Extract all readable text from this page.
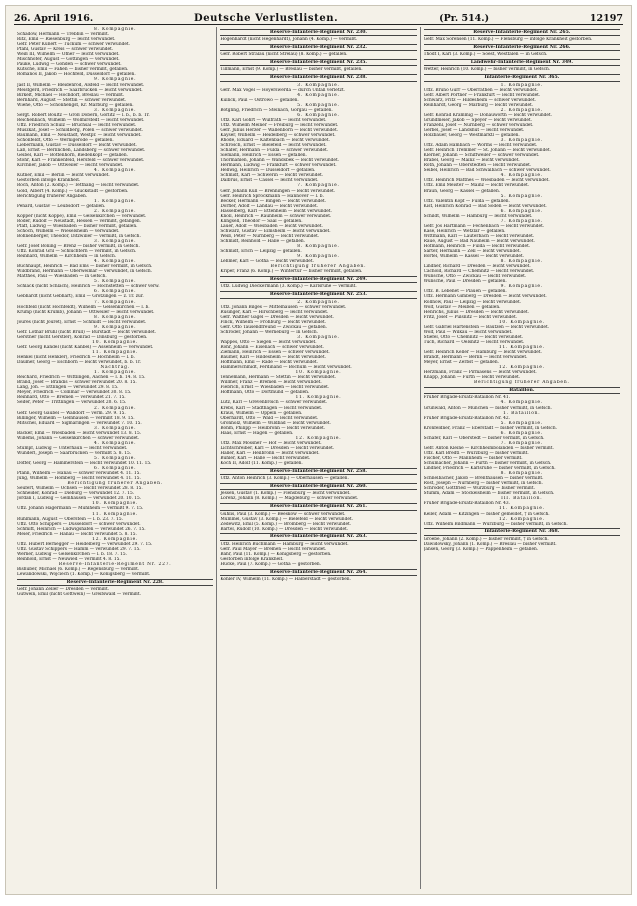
26. April 1916.	Deutsche Verlustlisten.	(Pr. 514.)	12197
8. Kompagnie.
Schadow, Hermann — Trebbin — vermißt.
Ritz, Emil — Riesenburg — leicht verwundet.
Gefr. Peter Kunert — Tuckum — schwer verwundet.
Pfahl, Gustav — Kreis — schwer verwundet.
Weiß III, Wilhelm — Ofner — leicht verwundet.
Mischhöfer, August — Göttingen — verwundet.
Pauke, Ludwig — Gohden — schwer verwundet.
Kutsche, Emil — Fähen — bisher vermißt, gefallen.
Romanos II, Jakob — Hochfeld, Düsseldorf — gefallen.
9. Kompagnie.
Jast II, Wilhelm — Bleidenrod, Alsfeld — leicht verwundet.
Meistgerd, Friedrich — Saarbrücken — leicht verwundet.
Birkelt, Michael — Hochdorf, Breslau — vermißt.
Bernhard, August — Stettin — schwer verwundet.
Wiehe, Otto — Schönhengst, Kr. Marburg — gefallen.
3. Kompagnie.
Sergt. Robert Boultz — Groß Döbern, Görlitz — l. b., b. b. Tr.
Reichenbach, Wilhelm — Wolmirstedt — leicht verwundet.
Uffz. Friedrich Schulz — Bruchsal — leicht verwundet.
Muszkat, Josef — Schildberg, Polen — schwer verwundet.
Baumann, Emil — Neustadt, Westpr. — leicht verwundet.
Schönfeldt, Otto — Wernigerode — gefallen.
Liebermann, Gustav — Düsseldorf — leicht verwundet.
Laß, Ernst — Berlinchen, Landsberg — schwer verwundet.
Geibel, Karl — Bottenhorn, Biedenkopf — gefallen.
Stöhr, Karl — Frankenfeld, Hersfeld — schwer verwundet.
Kirchner, Jakob — Ottweiler — leicht verwundet.
4. Kompagnie.
Kütner, Emil — Berlin — leicht verwundet.
Gestorben infolge Krankheit.
Roch, Anton (2. Komp.) — Tettnang — leicht verwundet.
Gold, Albert (4. Komp.) — Glückstadt — gestorben.
Berichtigung früherer Angaben.
1. Kompagnie.
Penard, Gustav — Leubsdorf — gefallen.
2. Kompagnie.
Köpper (nicht Köppe), Emil — Gelsenkirchen — verwundet.
Roder, Rudolf — Neustadt, Hessen — vermißt, gefangen.
Pfaff, Ludwig — Wiesbaden — bisher vermißt, gefallen.
Schoch, Wilhelm — Wieselsheim — verwundet.
Böhnenberger, Theodor, Ditzwiller — vermißt, in Gefsch.
3. Kompagnie.
Gefr. Josef Böning — Brenz — bisher vermißt, in Gefsch.
Uffz. Konrad Gril — Schlüchtern — vermißt, in Gefsch.
Reinhard, Wilhelm — Kirchheim — in Gefsch.
4. Kompagnie.
Buchhaupt, Heinrich — Bad Ems — bisher vermißt, in Gefsch.
Wildbrand, Hermann — Oberweimar — verwundet, in Gefsch.
Matthes, Paul — Wiesbaden — in Gefsch.
5. Kompagnie.
Schlack (nicht Schlach), Heinrich — Hochstetten — schwer verw.
6. Kompagnie.
Gebhardt (nicht Gebhart), Emil — Grötzingen — z. Tr. zur.
7. Kompagnie.
Hochfeld (nicht Hochfeldt), Wilhelm — Gelsenkirchen — l. b.
Krump (nicht Krumb), Johann — Ottweiler — leicht verwundet.
8. Kompagnie.
Joures (nicht Jouret), Ernst — Schmidt — leicht verwundet.
9. Kompagnie.
Gefr. Lothar Brühl (nicht Brüll) — Bürstadt — leicht verwundet.
Gerstner (nicht Gerstler), Konrad — Dinsburg — gestorben.
10. Kompagnie.
Gefr. Georg Kandel (nicht Kanbel) — Assenheim — verwundet.
11. Kompagnie.
Henkel (nicht Henkler), Friedrich — Hochheim — l. b.
Daumer, Georg — Eschborn — leicht verwundet, b. b. Tr.
Nachtrag.
1. Kompagnie.
Reichard, Friedrich — Wittlingen, Aachen — l. b. 14. 8. 15.
Brand, Josef — Brandis — schwer verwundet 20. 8. 15.
Lang, Joh. — Ettlingen — verwundet 29. 8. 15.
Meyer, Friedrich — Cölnmar — verwundet 30. 8. 15.
Reinhard, Otto — Bremen — verwundet 21. 7. 15.
Seifer, Peter — Trittlingen — verwundet 20. 6. 15.
2. Kompagnie.
Gefr. Georg Gaubel — Walldorf — verm. 29. 9. 15.
Billinger, Wilhelm — Gelnhausen — vermißt 18. 9. 15.
Mitschel, Eduard — Sigmaringen — verwundet 7. 10. 15.
3. Kompagnie.
Bäcker, Emil — Wiesbaden — leicht verwundet 13. 8. 15.
Willems, Johann — Gelsenkirchen — schwer verwundet.
4. Kompagnie.
Stumpf, Ludwig — Unterhaun — leicht verwundet.
Wunderl, Joseph — Saarbrücken — vermißt 5. 8. 15.
5. Kompagnie.
Döffer, Georg — Hammerstein — leicht verwundet 10. 11. 15.
6. Kompagnie.
Pfann, Wilhelm — Hanau — schwer verwundet 4. 11. 15.
Jung, Wilhelm — Homberg — leicht verwundet 4. 11. 15.
Berichtigung früherer Angaben.
Seufert, Wilhelm — Ochsen — leicht verwundet 28. 8. 15.
Schneider, Konrad — Dieburg — verwundet 12. 7. 15.
Jordan I, Ludwig — Gelnhausen — verwundet 20. 10. 15.
10. Kompagnie.
Uffz. Johann Hagermann — Mühlheim — vermißt 9. 7. 15.
11. Kompagnie.
Ruhlmann, August — Oberstein — l. b. 23. 7. 15.
Uffz. Otto Schippers — Düsseldorf — schwer verwundet.
Schmitt, Heinrich — Ludwigshafen — verwundet 26. 7. 15.
Meier, Friedrich — Hanau — leicht verwundet 5. 8. 15.
12. Kompagnie.
Uffz. Hubert Bernegger — Heidelberg — verwundet 29. 7. 15.
Uffz. Gustav Schippers — Hamm — verwundet 29. 7. 15.
Werner, Ludwig — Gelsenkirchen — l. b. 18. 7. 15.
Reinhold, Ernst — Neuwied — vermißt 4. 8. 15.
Reserve-Infanterie-Regiment Nr. 227.
Bishuber, Michael (6. Komp.) — Regensburg — vermißt.
Lewandowski, Wojciech (1. Komp.) — Königsberg — vermißt.
Reserve-Infanterie-Regiment Nr. 228.
Gefr. Johann Zeller — Dresden — vermißt.
Gutwein, Emil (nicht Gottwein) — Greifswald — vermißt.
Reserve-Infanterie-Regiment Nr. 230.
Hogenhardt (nicht Hegenhardt), Johann (4. Komp.) — vermißt.
Reserve-Infanterie-Regiment Nr. 232.
Gefr. Robert Stralau (nicht Strelau) (8. Komp.) — gefallen.
Reserve-Infanterie-Regiment Nr. 235.
Tillmann, Ernst (9. Komp.) — Breslau — bisher vermißt, gefallen.
Reserve-Infanterie-Regiment Nr. 238.
3. Kompagnie.
Gefr. Max Vogel — Hoyerswerda — durch Unfall verletzt.
4. Kompagnie.
Kullick, Paul — Ostrowo — gefallen.
5. Kompagnie.
Bötgling, Friedrich — Steinach, Gorgau — gefallen.
6. Kompagnie.
Uffz. Karl Gohrt — Wülfrath — leicht verwundet.
Uffz. Wilhelm Meiner — Freiburg — leicht verwundet.
Gefr. Julius Herzer — Wallenborn — leicht verwundet.
Kayser, Wilhelm — Heidelberg — schwer verwundet.
Rhode, Eduard — Kaltenbach — leicht verwundet.
Schrösch, Ernst — Bielefeld — leicht verwundet.
Schäfer, Hermann — Fulda — schwer verwundet.
Siemann, Heinrich — Essen — gefallen.
Thormählen, Johann — Wandsbek — leicht verwundet.
Hermann, Ludwig — Frankfurt — schwer verwundet.
Hellwig, Heinrich — Düsseldorf — gefallen.
Schmidt, Karl — Schwerin — leicht verwundet.
Dalbrus, Ernst — Cassel — leicht verwundet.
7. Kompagnie.
Gefr. Johann Kull — Brenningen — leicht verwundet.
Gefr. Heinrich Sprockmann — Hannover — l. b.
Becker, Hermann — Bingen — leicht verwundet.
Dörfler, Adolf — Landau — leicht verwundet.
Hasselberg, Karl — Ettenheim — leicht verwundet.
Knoll, Heinrich — Raunheim — schwer verwundet.
Klingsell, Theodor — Saal — gefallen.
Lauer, Adolf — Wiesbaden — leicht verwundet.
Schwarz, Gustav — Eimsheim — leicht verwundet.
Weiß, Peter — Nürnberg — leicht verwundet.
Schmidt, Reinhold — Halle — gefallen.
8. Kompagnie.
Schmidt, Erich — Leipzig — gefallen.
9. Kompagnie.
Lehmer, Karl — Gotha — leicht verwundet.
Berichtigung früherer Angaben.
Kriper, Franz (6. Komp.) — Wintertur — bisher vermißt, gefallen.
Reserve-Infanterie-Regiment Nr. 249.
Uffz. Ludwig Dieckermann (3. Komp.) — Karlsruhe — vermißt.
Reserve-Infanterie-Regiment Nr. 253.
2. Kompagnie.
Uffz. Johann Bilges — Mittelhausen — schwer verwundet.
Rüsinger, Karl — Hirschberg — leicht verwundet.
Gefr. Walther Gagel — Dresden — leicht verwundet.
Finck, Wilhelm — Frohburg — leicht verwundet.
Gefr. Otto Tausendfreund — Zwickau — gefallen.
Schröder, Johann — Werneburg — in Gefsch.
3. Kompagnie.
Wappes, Otto — Siegen — leicht verwundet.
Rohr, Johann — Eisenach — schwer verwundet.
Ziemann, Heinrich — Essen — schwer verwundet.
Baumer, Karl — Hildesheim — leicht verwundet.
Hoffmann, Emil — Rade — leicht verwundet.
Hammerschmidt, Ferdinand — Bochum — leicht verwundet.
10. Kompagnie.
Tennemann, Hermann — Stettin — leicht verwundet.
Willmer, Franz — Bremen — leicht verwundet.
Fiebrich, Ernst — Wiesbaden — leicht verwundet.
Hoffmann, Otto — Dortmund — gefallen.
11. Kompagnie.
Lutz, Karl — Grevenbroich — schwer verwundet.
Krebs, Karl — Stadthagen — leicht verwundet.
Kraus, Wilhelm — Oppeln — gefallen.
Oberhardt, Otto — Wald — leicht verwundet.
Gronholz, Wilhelm — Wildbad — leicht verwundet.
Böhm, Philipp — Heilbronn — leicht verwundet.
Haas, Ernst — Hagen — gefallen.
12. Kompagnie.
Uffz. Max Mössner — Hof — leicht verwundet.
Lichtschreiber, Karl — Dresden — leicht verwundet.
Haller, Karl — Heilbronn — leicht verwundet.
Bühler, Karl — Halle — leicht verwundet.
Koch II, Adolf (11. Komp.) — gefallen.
Reserve-Infanterie-Regiment Nr. 258.
Uffz. Anton Heinrich (3. Komp.) — Oberhausen — gefallen.
Reserve-Infanterie-Regiment Nr. 260.
Jessen, Gustav (1. Komp.) — Flensburg — leicht verwundet.
Lorenz, Johann (8. Komp.) — Magdeburg — schwer verwundet.
Reserve-Infanterie-Regiment Nr. 261.
Gühlis, Paul (3. Komp.) — Beeskow — schwer verwundet.
Mummel, Gustav (3. Komp.) — Bielefeld — leicht verwundet.
Zedewitz, Emil (5. Komp.) — Bromberg — leicht verwundet.
Bartel, Rudolf (10. Komp.) — Dresden — leicht verwundet.
Reserve-Infanterie-Regiment Nr. 263.
Uffz. Heinrich Buchmann — Hamburg — leicht verwundet.
Gefr. Paul Mayer — Bremen — leicht verwundet.
Bähr, Paul (11. Komp.) — Königsberg — gestorben.
Gestorben infolge Krankheit.
Hucke, Paul (7. Komp.) — Gotha — gestorben.
Reserve-Infanterie-Regiment Nr. 264.
Köhler IV, Wilhelm (11. Komp.) — Halberstadt — gestorben.
Reserve-Infanterie-Regiment Nr. 265.
Gefr. Max Sorensen (11. Komp.) — Flensburg — infolge Krankheit gestorben.
Reserve-Infanterie-Regiment Nr. 266.
Thodt I, Karl (3. Komp.) — Soest, Westfalen — in Gefsch.
Landwehr-Infanterie-Regiment Nr. 349.
Wetter, Heinrich (10. Komp.) — bisher vermißt, in Gefsch.
Infanterie-Regiment Nr. 365.
1. Kompagnie.
Uffz. Bruno Gürr — Oberrathen — leicht verwundet.
Gefr. Albert Portner — Frankfurt — leicht verwundet.
Schwarz, Fritz — Hildesheim — schwer verwundet.
Reinhardt, Georg — Marburg — leicht verwundet.
2. Kompagnie.
Gefr. Konrad Krammig — Donauwörth — leicht verwundet.
Grundmeier, Jakob — Speyer — leicht verwundet.
Franzehl, Josef — Nürnberg — schwer verwundet.
Gerbel, Josef — Landshut — leicht verwundet.
Holzbauer, Georg — Westmarktl — gefallen.
3. Kompagnie.
Uffz. Adam Hambach — Worms — leicht verwundet.
Gefr. Heinrich Tremmer — St. Johann — leicht verwundet.
Klerner, Johann — Schiffweiler — schwer verwundet.
Brabel, Georg — Mainz — leicht verwundet.
Roth, Johann — Oberstedten — leicht verwundet.
Seibel, Heinrich — Bad Schwalbach — schwer verwundet.
4. Kompagnie.
Uffz. Heinrich Matthes — Wiesbaden — leicht verwundet.
Uffz. Emil Meister — Mainz — leicht verwundet.
Braun, Georg — Kassel — gefallen.
5. Kompagnie.
Uffz. Valentin Kopf — Fulda — gefallen.
Kist, Heinrich Konrad — Bad Soden — leicht verwundet.
6. Kompagnie.
Schildt, Wilhelm — Hamburg — leicht verwundet.
7. Kompagnie.
Gefr. Jos Hartmann — Fechenbach — leicht verwundet.
Käse, Heinrich — Wetzlar — gefallen.
Wittmann, Karl — Lauterbach — leicht verwundet.
Raue, August — Bad Nauheim — leicht verwundet.
Hofmann, Heinrich — Fulda — leicht verwundet.
Sarter, Hermann — Zell — leicht verwundet.
Bortel, Wilhelm — Kassel — leicht verwundet.
8. Kompagnie.
Lindner, Richard — Dresden — leicht verwundet.
Cachold, Richard — Chemnitz — leicht verwundet.
Wünsche, Otto — Zwickau — leicht verwundet.
Wünsche, Paul — Dresden — gefallen.
9. Kompagnie.
Uffz. B. Lebenet — Plauen — gefallen.
Uffz. Hermann Gimberg — Dresden — leicht verwundet.
Rollnow, Paul — Leipzig — leicht verwundet.
Wolf, Gustav — Meißen — gefallen.
Henrichs, Julius — Dresden — leicht verwundet.
Fritz, Josef — Pulsnitz — leicht verwundet.
10. Kompagnie.
Gefr. Gabriel Hartenstein — Bautzen — leicht verwundet.
Wolf, Paul — Wilkau — leicht verwundet.
Stiefel, Otto — Chemnitz — leicht verwundet.
Tuch, Richard — Oelsnitz — leicht verwundet.
11. Kompagnie.
Gefr. Heinrich Keller — Hamburg — leicht verwundet.
Brandt, Hermann — Berlin — leicht verwundet.
Meyer, Ernst — Zerbst — gefallen.
12. Kompagnie.
Herzmann, Franz — Pirmasens — leicht verwundet.
Knapp, Johann — Fürth — leicht verwundet.
Berichtigung früherer Angaben.
Bataillon.
Früher Brigade-Ersatz-Bataillon Nr. 41.
4. Kompagnie.
Grünwald, Anton — München — bisher vermißt, in Gefsch.
1. Bataillon.
Früher Brigade-Ersatz-Bataillon Nr. 42.
5. Kompagnie.
Kronfeldner, Franz — Eberstadt — bisher vermißt, in Gefsch.
6. Kompagnie.
Schäfer, Karl — Oberstedt — bisher vermißt, in Gefsch.
7. Kompagnie.
Gefr. Anton Kleine — Kirchheimbolanden — bisher vermißt.
Uffz. Karl Bredtl — Würzburg — bisher vermißt.
Fischer, Otto — Mannheim — bisher vermißt.
Schumacher, Johann — Fürth — bisher vermißt, in Gefsch.
Lindner, Friedrich — Karlsruhe — bisher vermißt, in Gefsch.
8. Kompagnie.
Schnelbacher, Jakob — Brenthausen — bisher vermißt.
Rost, Joseph — Nürnberg — bisher vermißt, in Gefsch.
Schröder, Gottfried — Würzburg — bisher vermißt.
Stumm, Adam — Stöckelsheim — bisher vermißt, in Gefsch.
III. Bataillon.
Früher Brigade-Ersatz-Bataillon Nr. 43.
11. Kompagnie.
Keller, Adam — Kitzingen — bisher gemeldet, † in Gefsch.
12. Kompagnie.
Uffz. Wilhelm Bildmann — Würzburg — bisher vermißt, in Gefsch.
Infanterie-Regiment Nr. 368.
Groebe, Johann (2. Komp.) — bisher vermißt, † in Gefsch.
Dawidowsky, Johann (1. Komp.) — Breslau — bisher vermißt.
Jansen, Georg (3. Komp.) — Pappenheim — gefallen.
